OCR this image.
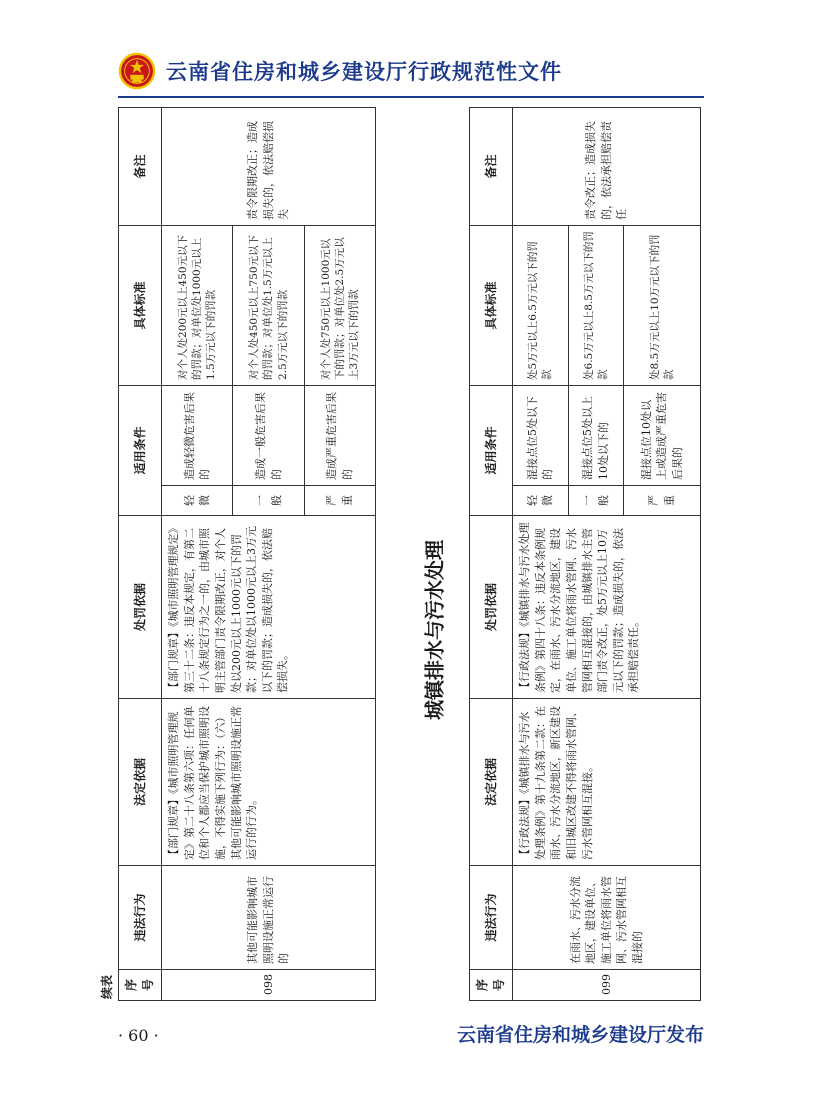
云南省住房和城乡建设厅行政规范性文件
续表 序号	违法行为	法定依据	处罚依据	适用条件		具体标准	备注
098	其他可能影响城市照明设施正常运行的	【部门规章】《城市照明管理规定》第二十八条第六项：任何单位和个人都应当保护城市照明设施，不得实施下列行为：（六）其他可能影响城市照明设施正常运行的行为。	【部门规章】《城市照明管理规定》第三十二条：违反本规定，有第二十八条规定行为之一的，由城市照明主管部门责令限期改正，对个人处以200元以上1000元以下的罚款；对单位处以1000元以上3万元以下的罚款；造成损失的，依法赔偿损失。	轻微	造成轻微危害后果的	对个人处200元以上450元以下的罚款；对单位处1000元以上1.5万元以下的罚款	责令限期改正；造成损失的，依法赔偿损失
				一般	造成一般危害后果的	对个人处450元以上750元以下的罚款；对单位处1.5万元以上2.5万元以下的罚款	
				严重	造成严重危害后果的	对个人处750元以上1000元以下的罚款；对单位处2.5万元以上3万元以下的罚款	
城镇排水与污水处理
序号	违法行为	法定依据	处罚依据	适用条件		具体标准	备注
099	在雨水、污水分流地区，建设单位、施工单位将雨水管网、污水管网相互混接的	【行政法规】《城镇排水与污水处理条例》第十九条第二款：在雨水、污水分流地区，新区建设和旧城区改建不得将雨水管网、污水管网相互混接。	【行政法规】《城镇排水与污水处理条例》第四十八条：违反本条例规定，在雨水、污水分流地区，建设单位、施工单位将雨水管网、污水管网相互混接的，由城镇排水主管部门责令改正，处5万元以上10万元以下的罚款；造成损失的，依法承担赔偿责任。	轻微	混接点位5处以下的	处5万元以上6.5万元以下的罚款	责令改正；造成损失的，依法承担赔偿责任
				一般	混接点位5处以上10处以下的	处6.5万元以上8.5万元以下的罚款	
				严重	混接点位10处以上或造成严重危害后果的	处8.5万元以上10万元以下的罚款	
· 60 ·	云南省住房和城乡建设厅发布
